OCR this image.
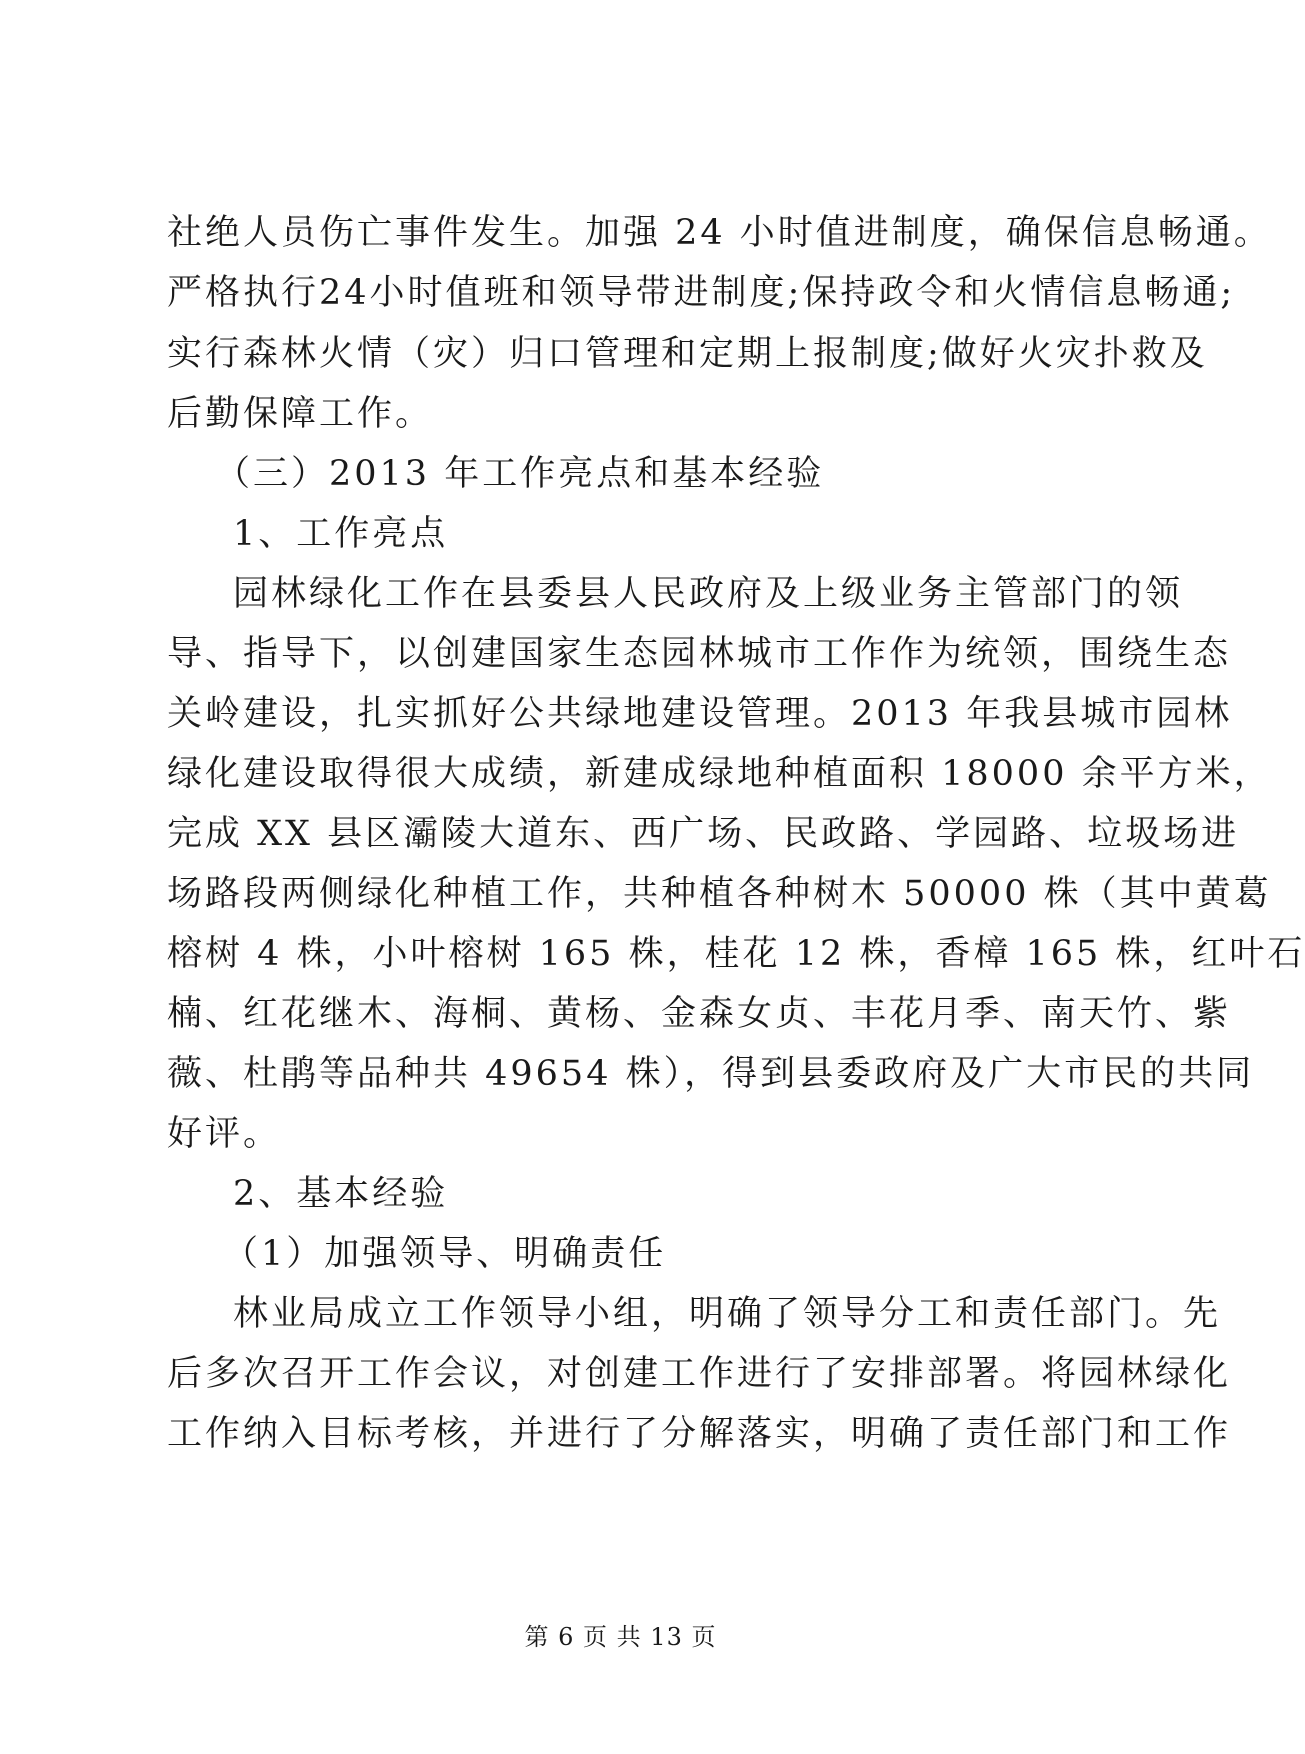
社绝人员伤亡事件发生。加强 24 小时值进制度，确保信息畅通。
严格执行24小时值班和领导带进制度;保持政令和火情信息畅通;
实行森林火情（灾）归口管理和定期上报制度;做好火灾扑救及
后勤保障工作。
（三）2013 年工作亮点和基本经验
1、工作亮点
园林绿化工作在县委县人民政府及上级业务主管部门的领
导、指导下，以创建国家生态园林城市工作作为统领，围绕生态
关岭建设，扎实抓好公共绿地建设管理。2013 年我县城市园林
绿化建设取得很大成绩，新建成绿地种植面积 18000 余平方米，
完成 XX 县区灞陵大道东、西广场、民政路、学园路、垃圾场进
场路段两侧绿化种植工作，共种植各种树木 50000 株（其中黄葛
榕树 4 株，小叶榕树 165 株，桂花 12 株，香樟 165 株，红叶石
楠、红花继木、海桐、黄杨、金森女贞、丰花月季、南天竹、紫
薇、杜鹃等品种共 49654 株），得到县委政府及广大市民的共同
好评。
2、基本经验
（1）加强领导、明确责任
林业局成立工作领导小组，明确了领导分工和责任部门。先
后多次召开工作会议，对创建工作进行了安排部署。将园林绿化
工作纳入目标考核，并进行了分解落实，明确了责任部门和工作
第 6 页 共 13 页
